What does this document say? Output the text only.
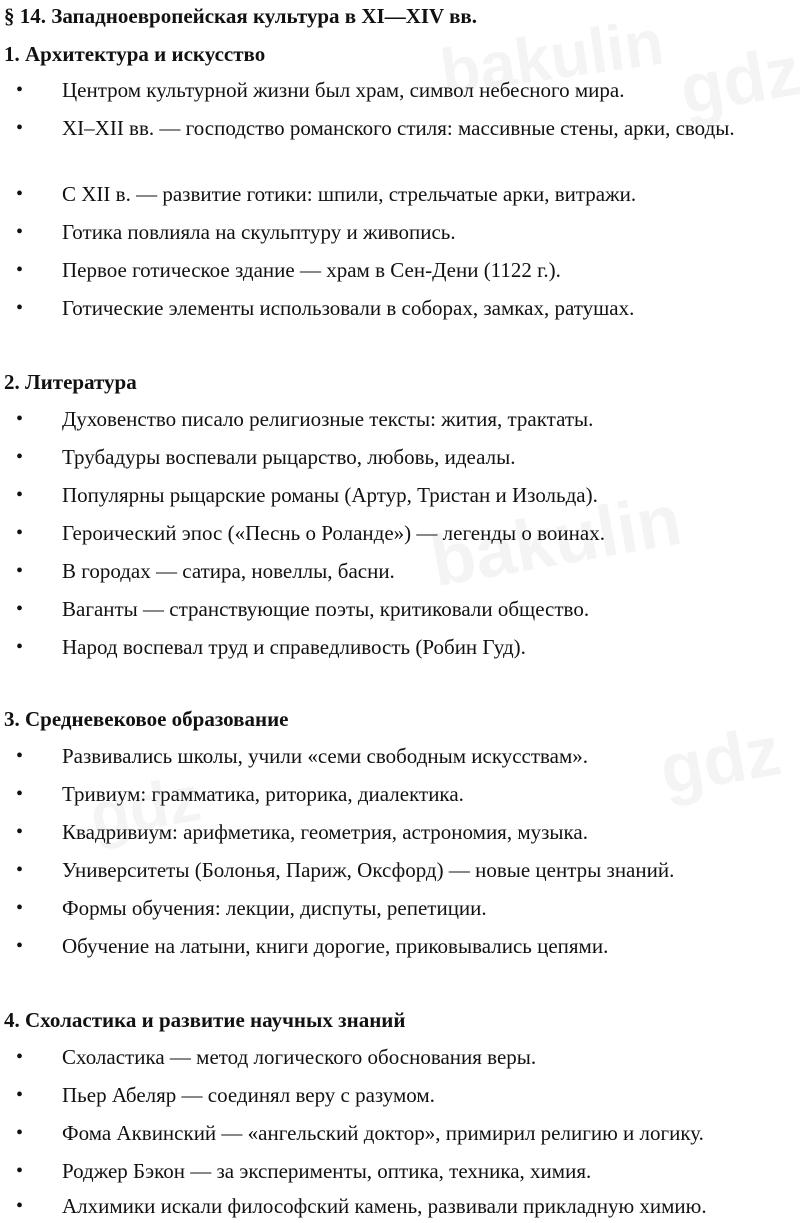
§ 14. Западноевропейская культура в XI—XIV вв.
1. Архитектура и искусство
• Центром культурной жизни был храм, символ небесного мира.
• XI–XII вв. — господство романского стиля: массивные стены, арки, своды.
• С XII в. — развитие готики: шпили, стрельчатые арки, витражи.
• Готика повлияла на скульптуру и живопись.
• Первое готическое здание — храм в Сен-Дени (1122 г.).
• Готические элементы использовали в соборах, замках, ратушах.
2. Литература
• Духовенство писало религиозные тексты: жития, трактаты.
• Трубадуры воспевали рыцарство, любовь, идеалы.
• Популярны рыцарские романы (Артур, Тристан и Изольда).
• Героический эпос («Песнь о Роланде») — легенды о воинах.
• В городах — сатира, новеллы, басни.
• Ваганты — странствующие поэты, критиковали общество.
• Народ воспевал труд и справедливость (Робин Гуд).
3. Средневековое образование
• Развивались школы, учили «семи свободным искусствам».
• Тривиум: грамматика, риторика, диалектика.
• Квадривиум: арифметика, геометрия, астрономия, музыка.
• Университеты (Болонья, Париж, Оксфорд) — новые центры знаний.
• Формы обучения: лекции, диспуты, репетиции.
• Обучение на латыни, книги дорогие, приковывались цепями.
4. Схоластика и развитие научных знаний
• Схоластика — метод логического обоснования веры.
• Пьер Абеляр — соединял веру с разумом.
• Фома Аквинский — «ангельский доктор», примирил религию и логику.
• Роджер Бэкон — за эксперименты, оптика, техника, химия.
• Алхимики искали философский камень, развивали прикладную химию.
